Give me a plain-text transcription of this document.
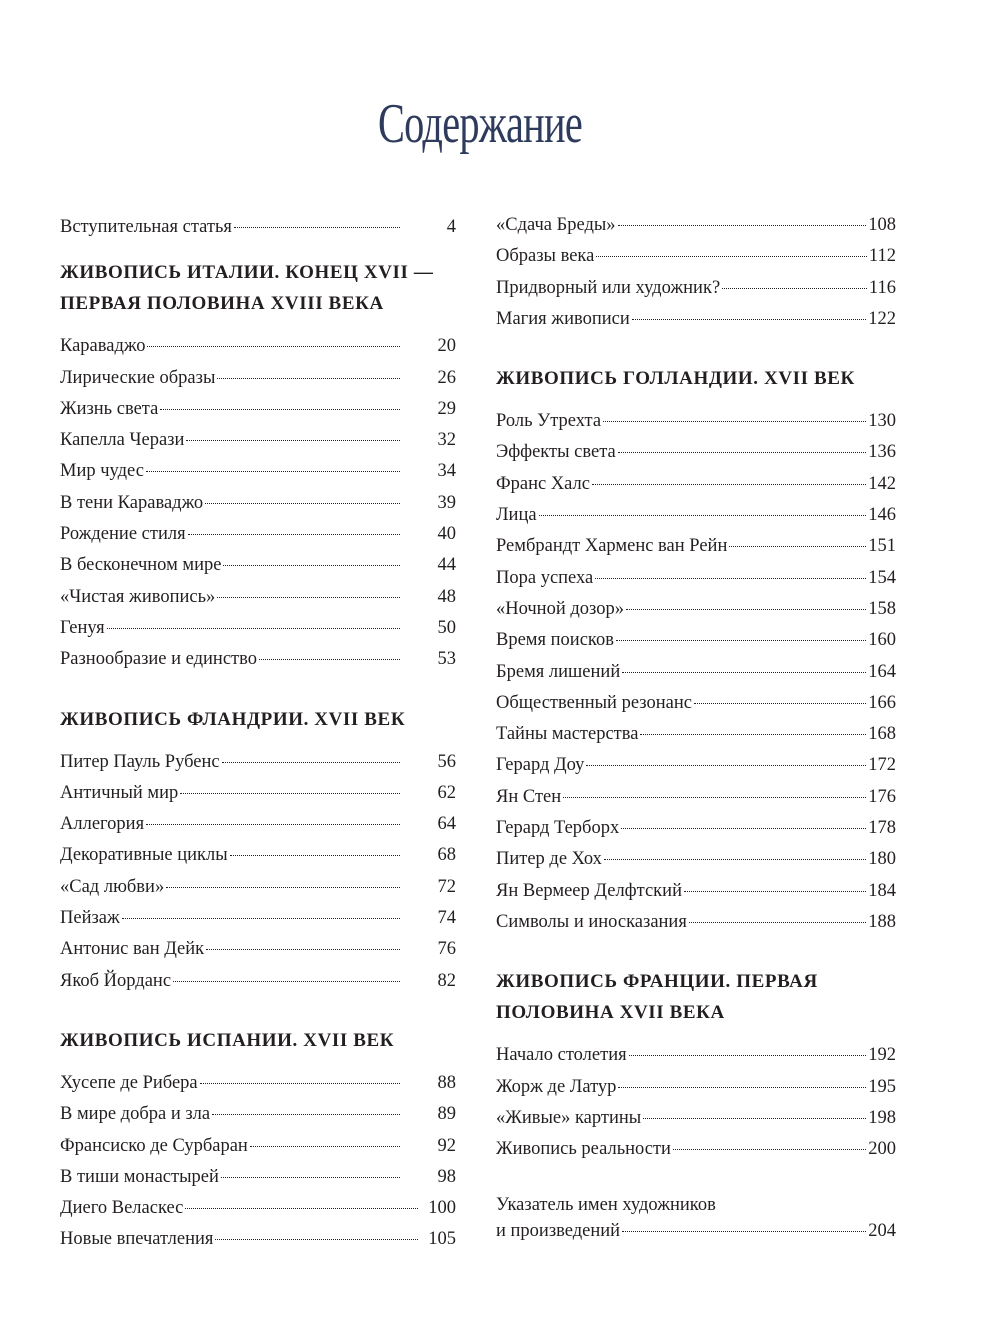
Содержание
Вступительная статья	4
ЖИВОПИСЬ ИТАЛИИ. КОНЕЦ XVII —
ПЕРВАЯ ПОЛОВИНА XVIII ВЕКА
Караваджо	20
Лирические образы	26
Жизнь света	29
Капелла Черази	32
Мир чудес	34
В тени Караваджо	39
Рождение стиля	40
В бесконечном мире	44
«Чистая живопись»	48
Генуя	50
Разнообразие и единство	53
ЖИВОПИСЬ ФЛАНДРИИ. XVII ВЕК
Питер Пауль Рубенс	56
Античный мир	62
Аллегория	64
Декоративные циклы	68
«Сад любви»	72
Пейзаж	74
Антонис ван Дейк	76
Якоб Йорданс	82
ЖИВОПИСЬ ИСПАНИИ. XVII ВЕК
Хусепе де Рибера	88
В мире добра и зла	89
Франсиско де Сурбаран	92
В тиши монастырей	98
Диего Веласкес	100
Новые впечатления	105
«Сдача Бреды»	108
Образы века	112
Придворный или художник?	116
Магия живописи	122
ЖИВОПИСЬ ГОЛЛАНДИИ. XVII ВЕК
Роль Утрехта	130
Эффекты света	136
Франс Халс	142
Лица	146
Рембрандт Харменс ван Рейн	151
Пора успеха	154
«Ночной дозор»	158
Время поисков	160
Бремя лишений	164
Общественный резонанс	166
Тайны мастерства	168
Герард Доу	172
Ян Стен	176
Герард Терборх	178
Питер де Хох	180
Ян Вермеер Делфтский	184
Символы и иносказания	188
ЖИВОПИСЬ ФРАНЦИИ. ПЕРВАЯ
ПОЛОВИНА XVII ВЕКА
Начало столетия	192
Жорж де Латур	195
«Живые» картины	198
Живопись реальности	200
Указатель имен художников
и произведений	204
